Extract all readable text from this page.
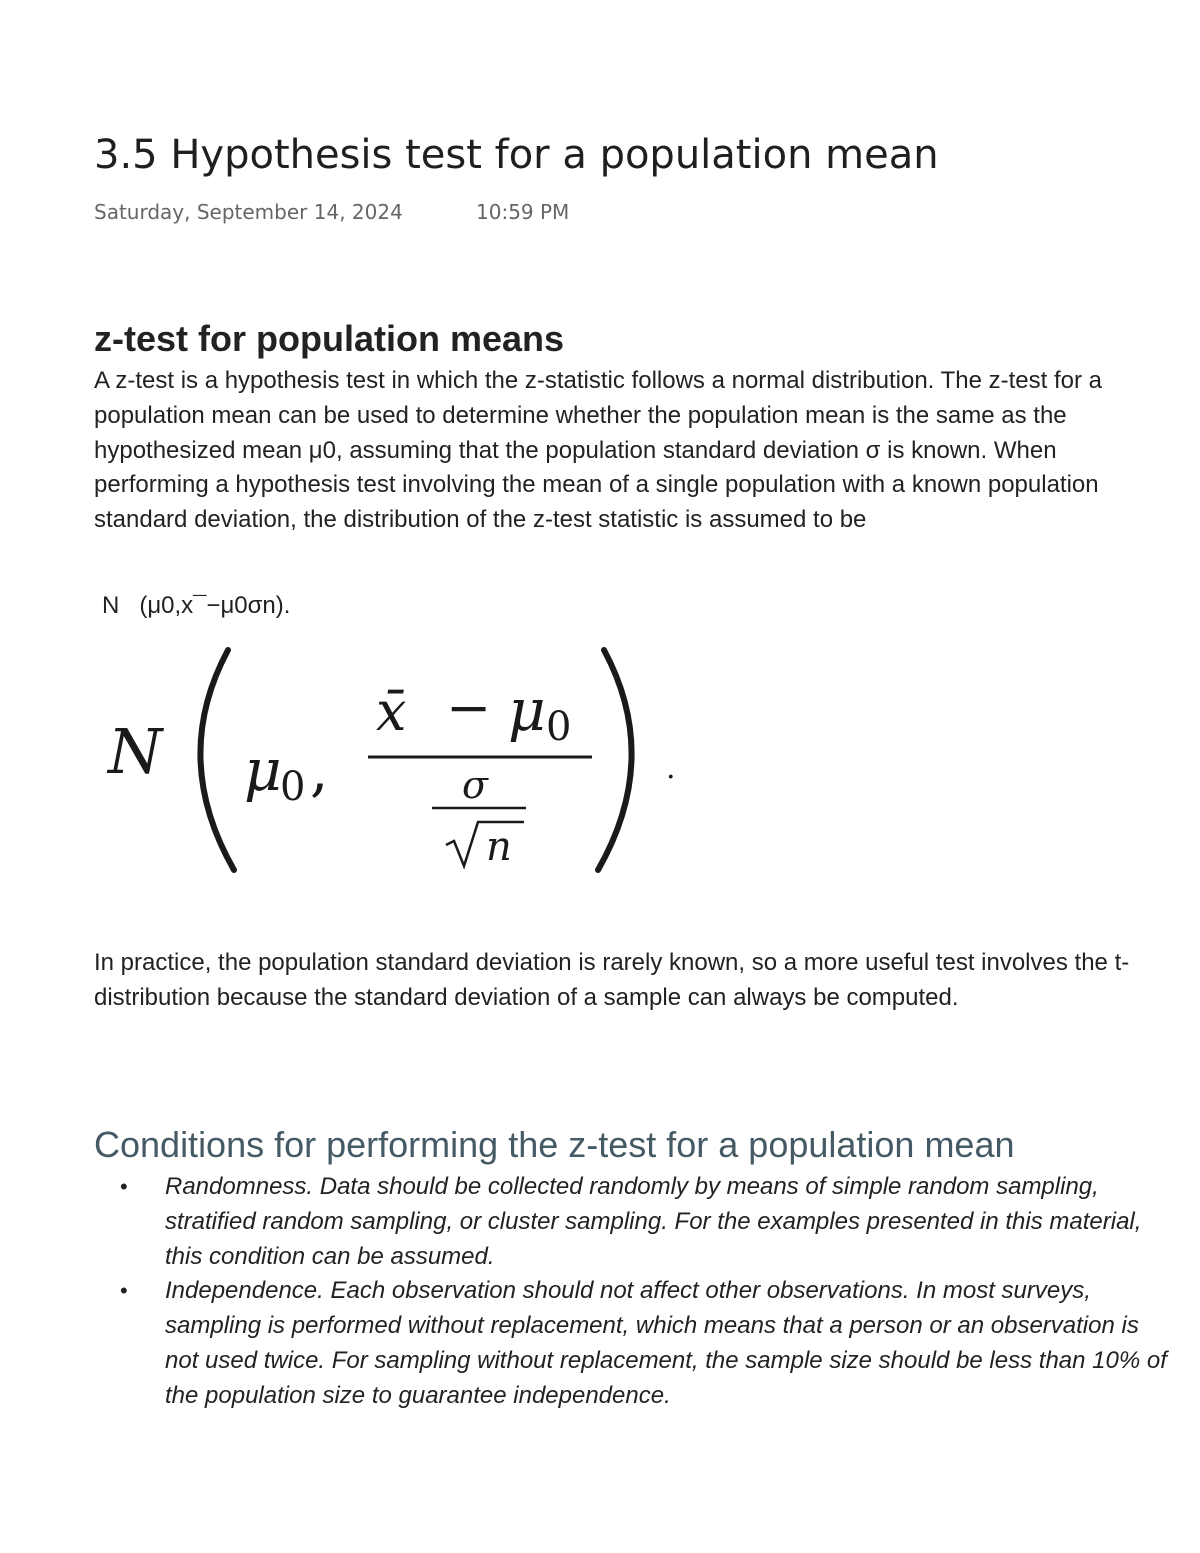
3.5 Hypothesis test for a population mean
Saturday, September 14, 2024	10:59 PM
z-test for population means

A z-test is a hypothesis test in which the z-statistic follows a normal distribution. The z-test for a population mean can be used to determine whether the population mean is the same as the hypothesized mean μ0, assuming that the population standard deviation σ is known. When performing a hypothesis test involving the mean of a single population with a known population standard deviation, the distribution of the z-test statistic is assumed to be

N   (μ0,x¯−μ0σn).
N μ
0 ,
x̄ − μ 0
σ
n
.

In practice, the population standard deviation is rarely known, so a more useful test involves the t-distribution because the standard deviation of a sample can always be computed.

Conditions for performing the z-test for a population mean
• Randomness. Data should be collected randomly by means of simple random sampling, stratified random sampling, or cluster sampling. For the examples presented in this material, this condition can be assumed.
• Independence. Each observation should not affect other observations. In most surveys, sampling is performed without replacement, which means that a person or an observation is not used twice. For sampling without replacement, the sample size should be less than 10% of the population size to guarantee independence.
